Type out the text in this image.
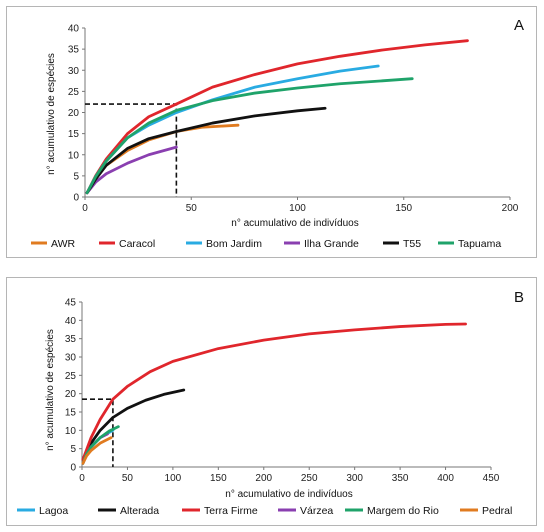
A
n° acumulativo de indivíduos
n° acumulativo de espécies
0	50	100	150	200
0
5
10
15
20
25
30
35
40
AWR	Caracol	Bom Jardim	Ilha Grande	T55	Tapuama
B
n° acumulativo de indivíduos
n° acumulativo de espécies
0	50	100	150	200	250	300	350	400	450
0
5
10
15
20
25
30
35
40
45
Lagoa	Alterada	Terra Firme	Várzea	Margem do Rio	Pedral
